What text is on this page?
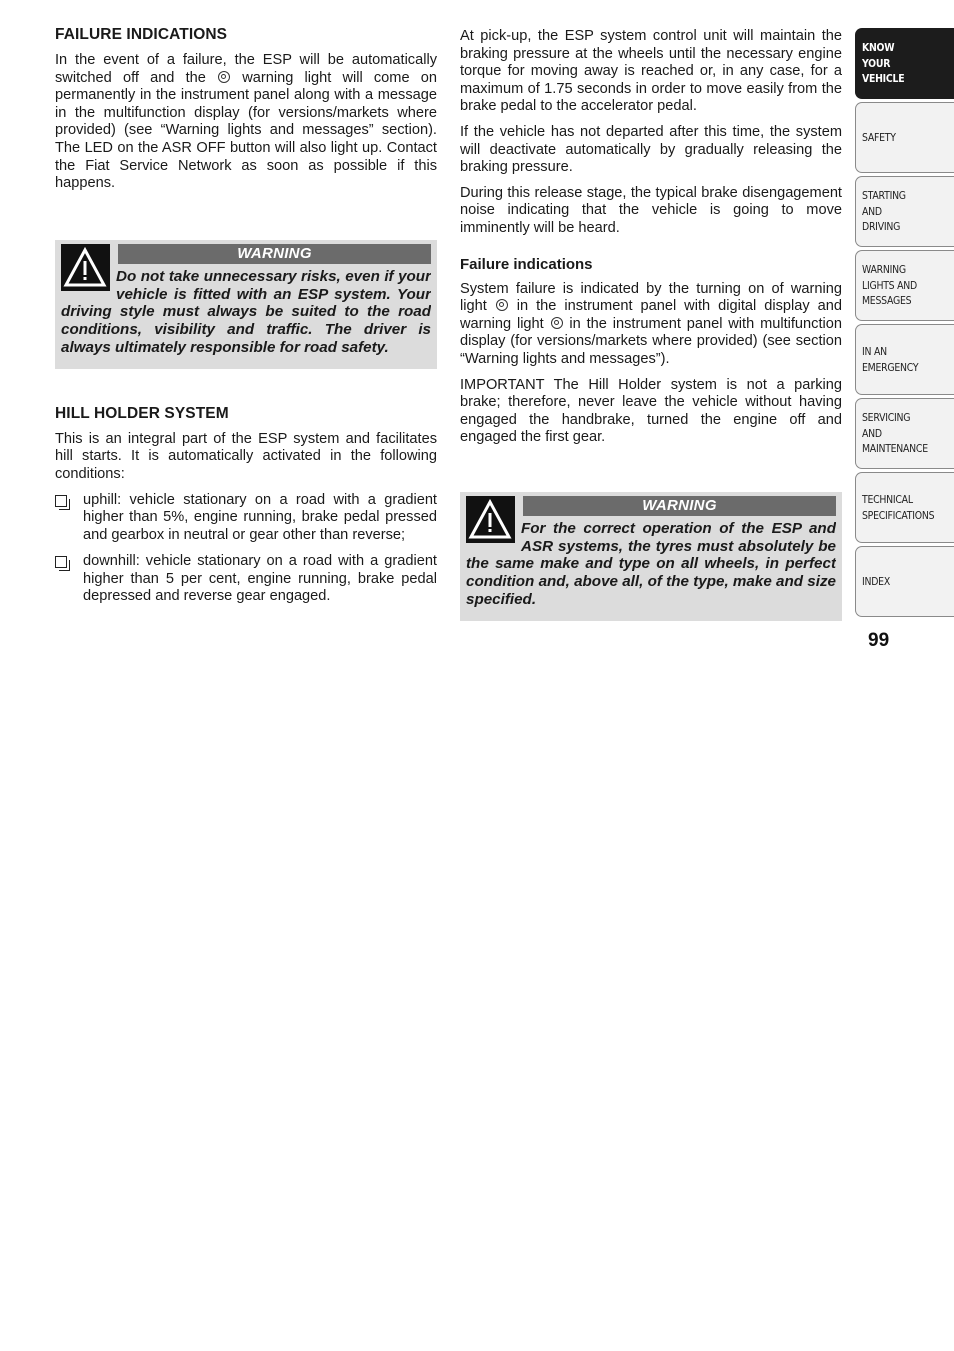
FAILURE INDICATIONS

In the event of a failure, the ESP will be automatically switched off and the warning light will come on permanently in the instrument panel along with a message in the multifunction display (for versions/markets where provided) (see “Warning lights and messages” section). The LED on the ASR OFF button will also light up. Contact the Fiat Service Network as soon as possible if this happens.

WARNING

Do not take unnecessary risks, even if your vehicle is fitted with an ESP system. Your driving style must always be suited to the road conditions, visibility and traffic. The driver is always ultimately responsible for road safety.

HILL HOLDER SYSTEM

This is an integral part of the ESP system and facilitates hill starts. It is automatically activated in the following conditions:

uphill: vehicle stationary on a road with a gradient higher than 5%, engine running, brake pedal pressed and gearbox in neutral or gear other than reverse;
downhill: vehicle stationary on a road with a gradient higher than 5 per cent, engine running, brake pedal depressed and reverse gear engaged.

At pick-up, the ESP system control unit will maintain the braking pressure at the wheels until the necessary engine torque for moving away is reached or, in any case, for a maximum of 1.75 seconds in order to move easily from the brake pedal to the accelerator pedal.

If the vehicle has not departed after this time, the system will deactivate automatically by gradually releasing the braking pressure.

During this release stage, the typical brake disengagement noise indicating that the vehicle is going to move imminently will be heard.

Failure indications

System failure is indicated by the turning on of warning light in the instrument panel with digital display and warning light in the instrument panel with multifunction display (for versions/markets where provided) (see section “Warning lights and messages”).

IMPORTANT The Hill Holder system is not a parking brake; therefore, never leave the vehicle without having engaged the handbrake, turned the engine off and engaged the first gear.

WARNING

For the correct operation of the ESP and ASR systems, the tyres must absolutely be the same make and type on all wheels, in perfect condition and, above all, of the type, make and size specified.

KNOW
YOUR
VEHICLE
SAFETY
STARTING
AND
DRIVING
WARNING
LIGHTS AND
MESSAGES
IN AN
EMERGENCY
SERVICING
AND
MAINTENANCE
TECHNICAL
SPECIFICATIONS
INDEX
99
